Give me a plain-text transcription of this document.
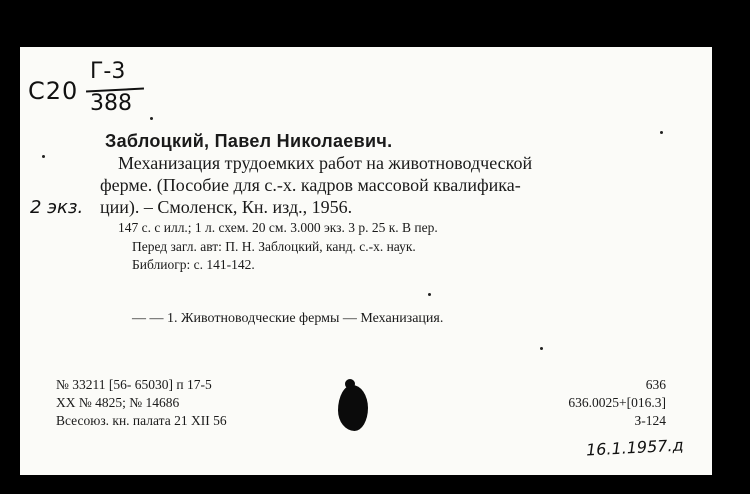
С20
Г-3
388
2 экз.
Заблоцкий, Павел Николаевич.
Механизация трудоемких работ на животноводческой
ферме. (Пособие для с.-х. кадров массовой квалифика-
ции). – Смоленск, Кн. изд., 1956.
147 с. с илл.; 1 л. схем. 20 см. 3.000 экз. 3 р. 25 к. В пер.
Перед загл. авт: П. Н. Заблоцкий, канд. с.-х. наук.
Библиогр: с. 141-142.
— — 1. Животноводческие фермы — Механизация.
№ 33211 [56- 65030] п 17-5
XX № 4825; № 14686
Всесоюз. кн. палата 21 XII 56
636
636.0025+[016.3]
З-124
16.1.1957.д
